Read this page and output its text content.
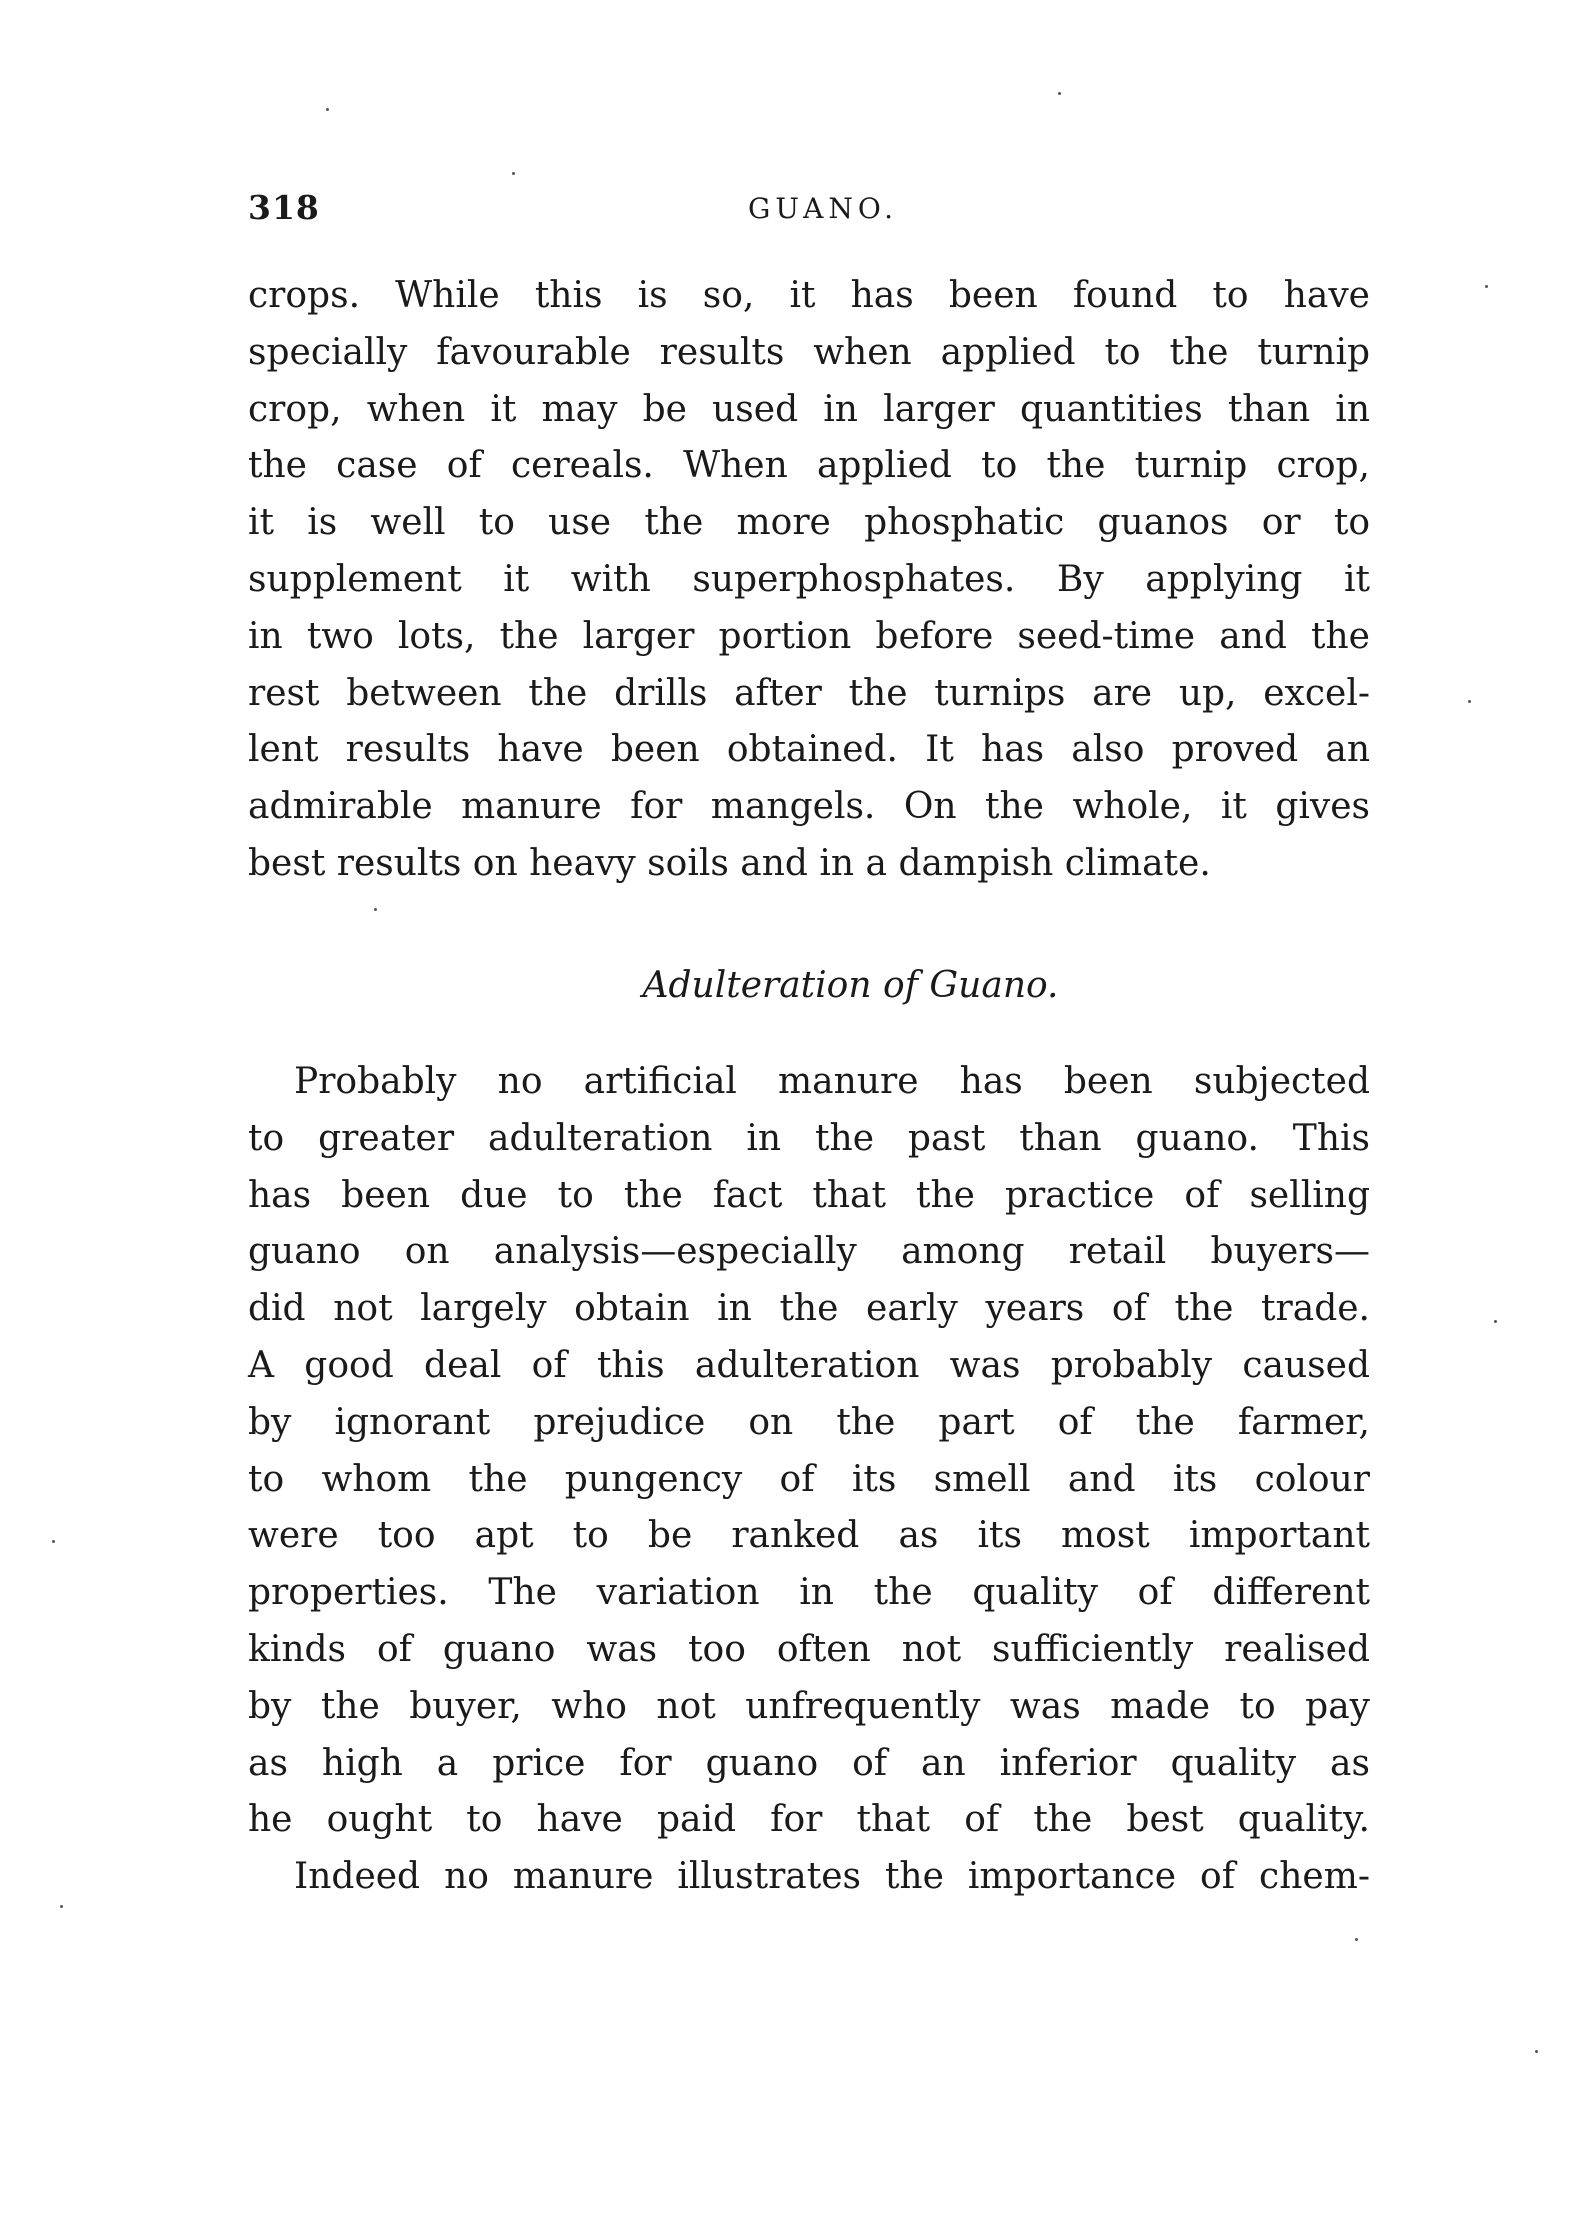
318	GUANO.
crops. While this is so, it has been found to have
specially favourable results when applied to the turnip
crop, when it may be used in larger quantities than in
the case of cereals. When applied to the turnip crop,
it is well to use the more phosphatic guanos or to
supplement it with superphosphates. By applying it
in two lots, the larger portion before seed-time and the
rest between the drills after the turnips are up, excel-
lent results have been obtained. It has also proved an
admirable manure for mangels. On the whole, it gives
best results on heavy soils and in a dampish climate.
Adulteration of Guano.
Probably no artificial manure has been subjected
to greater adulteration in the past than guano. This
has been due to the fact that the practice of selling
guano on analysis—especially among retail buyers—
did not largely obtain in the early years of the trade.
A good deal of this adulteration was probably caused
by ignorant prejudice on the part of the farmer,
to whom the pungency of its smell and its colour
were too apt to be ranked as its most important
properties. The variation in the quality of different
kinds of guano was too often not sufficiently realised
by the buyer, who not unfrequently was made to pay
as high a price for guano of an inferior quality as
he ought to have paid for that of the best quality.
Indeed no manure illustrates the importance of chem-
